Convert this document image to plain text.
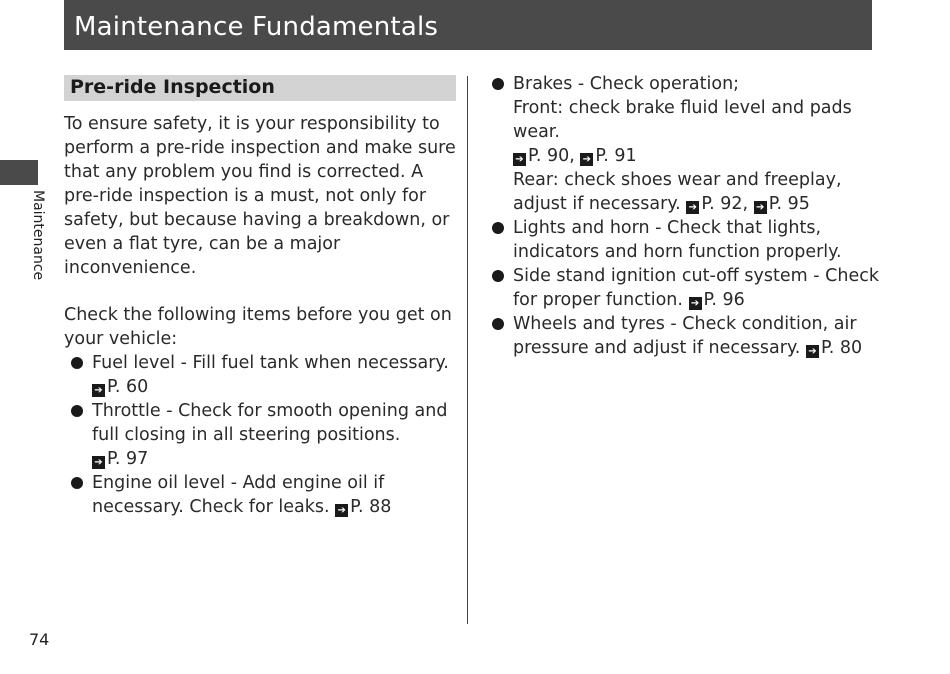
Maintenance Fundamentals
Maintenance
Pre-ride Inspection

To ensure safety, it is your responsibility to perform a pre-ride inspection and make sure that any problem you find is corrected. A pre-ride inspection is a must, not only for safety, but because having a breakdown, or even a flat tyre, can be a major inconvenience.

Check the following items before you get on your vehicle:

Fuel level - Fill fuel tank when necessary.
➔ P. 60
Throttle - Check for smooth opening and full closing in all steering positions. ➔ P. 97
Engine oil level - Add engine oil if necessary. Check for leaks. ➔ P. 88
Brakes - Check operation;
Front: check brake fluid level and pads wear.
➔ P. 90, ➔ P. 91
Rear: check shoes wear and freeplay, adjust if necessary. ➔ P. 92, ➔ P. 95
Lights and horn - Check that lights, indicators and horn function properly.
Side stand ignition cut-off system - Check for proper function. ➔ P. 96
Wheels and tyres - Check condition, air pressure and adjust if necessary. ➔ P. 80
74
